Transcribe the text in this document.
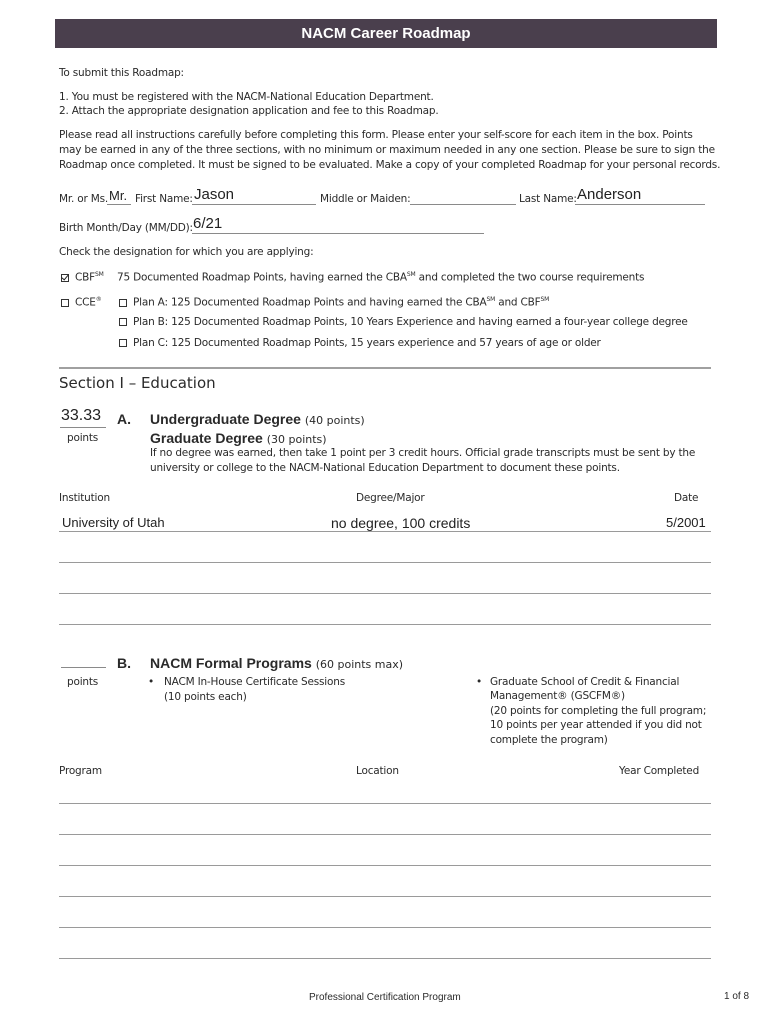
NACM Career Roadmap
To submit this Roadmap:
1. You must be registered with the NACM-National Education Department.
2. Attach the appropriate designation application and fee to this Roadmap.
Please read all instructions carefully before completing this form. Please enter your self-score for each item in the box. Points
may be earned in any of the three sections, with no minimum or maximum needed in any one section. Please be sure to sign the
Roadmap once completed. It must be signed to be evaluated. Make a copy of your completed Roadmap for your personal records.
Mr. or Ms. Mr. First Name: Jason	Middle or Maiden:	Last Name: Anderson
Birth Month/Day (MM/DD): 6/21
Check the designation for which you are applying:
CBF℠ 75 Documented Roadmap Points, having earned the CBA℠ and completed the two course requirements
CCE®	Plan A: 125 Documented Roadmap Points and having earned the CBA℠ and CBF℠
Plan B: 125 Documented Roadmap Points, 10 Years Experience and having earned a four-year college degree
Plan C: 125 Documented Roadmap Points, 15 years experience and 57 years of age or older
Section I – Education
33.33
points
A. Undergraduate Degree (40 points)
Graduate Degree (30 points)
If no degree was earned, then take 1 point per 3 credit hours. Official grade transcripts must be sent by the
university or college to the NACM-National Education Department to document these points.
Institution	Degree/Major	Date
University of Utah	no degree, 100 credits	5/2001
points
B. NACM Formal Programs (60 points max)
• NACM In-House Certificate Sessions
(10 points each)
• Graduate School of Credit & Financial
Management® (GSCFM®)
(20 points for completing the full program;
10 points per year attended if you did not
complete the program)
Program	Location	Year Completed
Professional Certification Program	1 of 8
